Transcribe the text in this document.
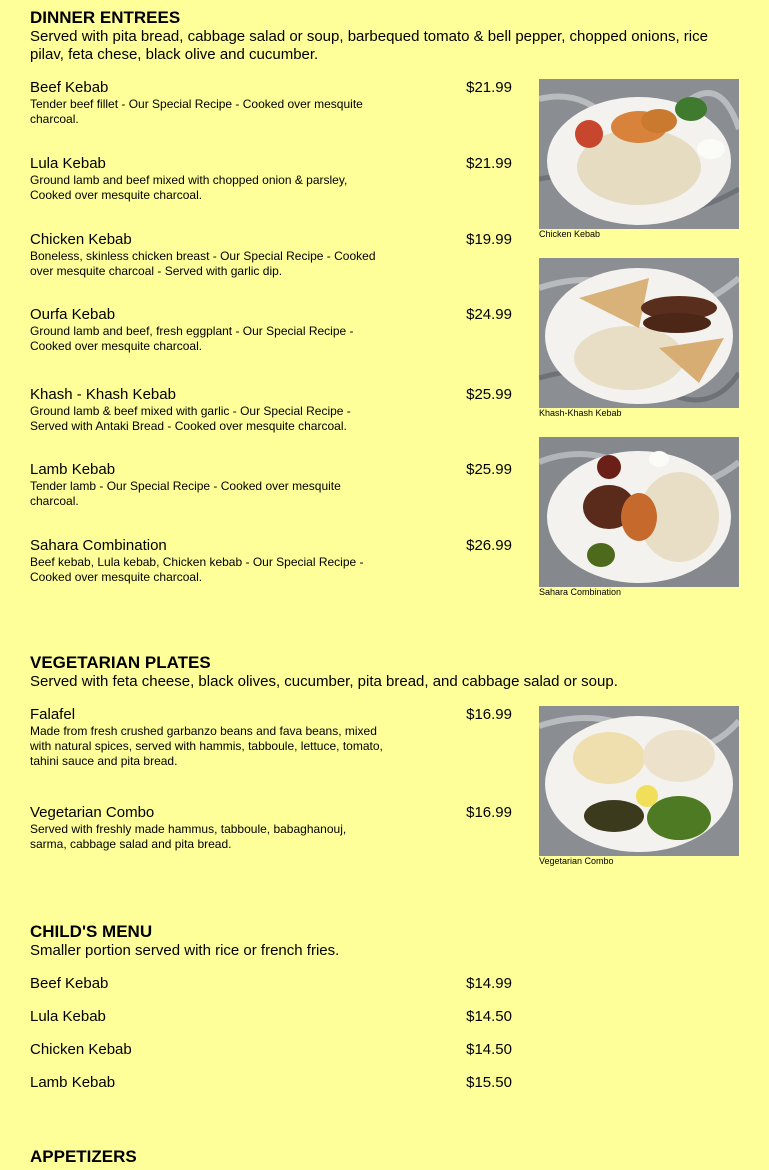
DINNER ENTREES
Served with pita bread, cabbage salad or soup, barbequed tomato & bell pepper, chopped onions, rice pilav, feta chese, black olive and cucumber.
Beef Kebab	$21.99
Tender beef fillet - Our Special Recipe - Cooked over mesquite charcoal.
Lula Kebab	$21.99
Ground lamb and beef mixed with chopped onion & parsley, Cooked over mesquite charcoal.
Chicken Kebab	$19.99
Boneless, skinless chicken breast - Our Special Recipe - Cooked over mesquite charcoal - Served with garlic dip.
Ourfa Kebab	$24.99
Ground lamb and beef, fresh eggplant - Our Special Recipe - Cooked over mesquite charcoal.
Khash - Khash Kebab	$25.99
Ground lamb & beef mixed with garlic - Our Special Recipe - Served with Antaki Bread - Cooked over mesquite charcoal.
Lamb Kebab	$25.99
Tender lamb - Our Special Recipe - Cooked over mesquite charcoal.
Sahara Combination	$26.99
Beef kebab, Lula kebab, Chicken kebab - Our Special Recipe - Cooked over mesquite charcoal.
Chicken Kebab
Khash-Khash Kebab
Sahara Combination
VEGETARIAN PLATES
Served with feta cheese, black olives, cucumber, pita bread, and cabbage salad or soup.
Falafel	$16.99
Made from fresh crushed garbanzo beans and fava beans, mixed with natural spices, served with hammis, tabboule, lettuce, tomato, tahini sauce and pita bread.
Vegetarian Combo	$16.99
Served with freshly made hammus, tabboule, babaghanouj, sarma, cabbage salad and pita bread.
Vegetarian Combo
CHILD'S MENU
Smaller portion served with rice or french fries.
Beef Kebab	$14.99
Lula Kebab	$14.50
Chicken Kebab	$14.50
Lamb Kebab	$15.50
APPETIZERS
